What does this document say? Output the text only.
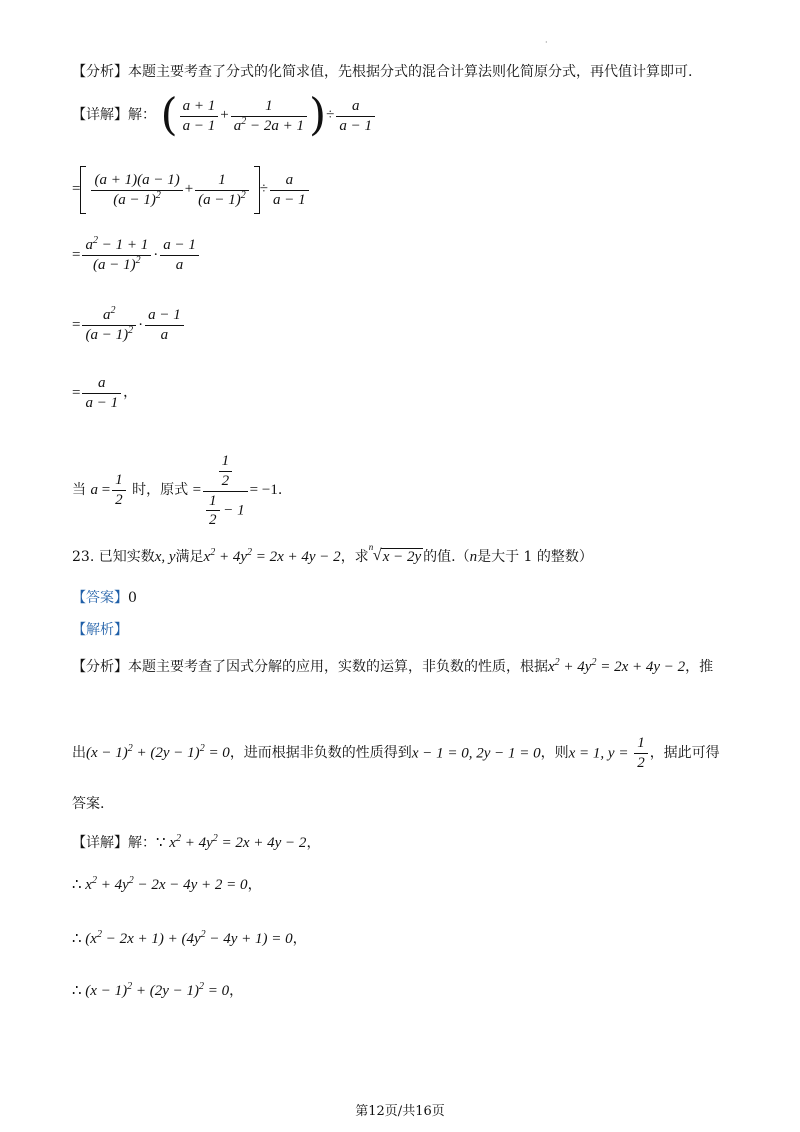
·
【分析】本题主要考查了分式的化简求值，先根据分式的混合计算法则化简原分式，再代值计算即可.
【详解】解： ( $\frac{a + 1}{a - 1} + \frac{1}{a^2 - 2a + 1}$ )÷ $\frac{a}{a - 1}$
= $\frac{(a + 1)(a - 1)}{(a - 1)^2} + \frac{1}{(a - 1)^2} \div \frac{a}{a - 1}$
= $\frac{a^2 - 1 + 1}{(a - 1)^2} \cdot \frac{a - 1}{a}$
= $\frac{a^2}{(a - 1)^2} \cdot \frac{a - 1}{a}$
= $\frac{a}{a - 1}$ ，
当 $a = \frac{1}{2}$ 时，原式 = $\frac{\frac{1}{2}}{\frac{1}{2} - 1} = -1$.
23. 已知实数x, y满足$x^2 + 4y^2 = 2x + 4y - 2$，求
n √ x − 2y 的值.（n是大于 1 的整数）
【答案】0
【解析】
【分析】本题主要考查了因式分解的应用，实数的运算，非负数的性质，根据$x^2 + 4y^2 = 2x + 4y - 2$，推
出$(x - 1)^2 + (2y - 1)^2 = 0$，进而根据非负数的性质得到x − 1 = 0, 2y − 1 = 0，则x = 1, $y = \frac{1}{2}$ ，据此可得
答案.
【详解】解：∵ $x^2 + 4y^2 = 2x + 4y - 2$，
∴ $x^2 + 4y^2 - 2x - 4y + 2 = 0$，
∴ $(x^2 - 2x + 1) + (4y^2 - 4y + 1) = 0$，
∴ $(x - 1)^2 + (2y - 1)^2 = 0$，
第12页/共16页
